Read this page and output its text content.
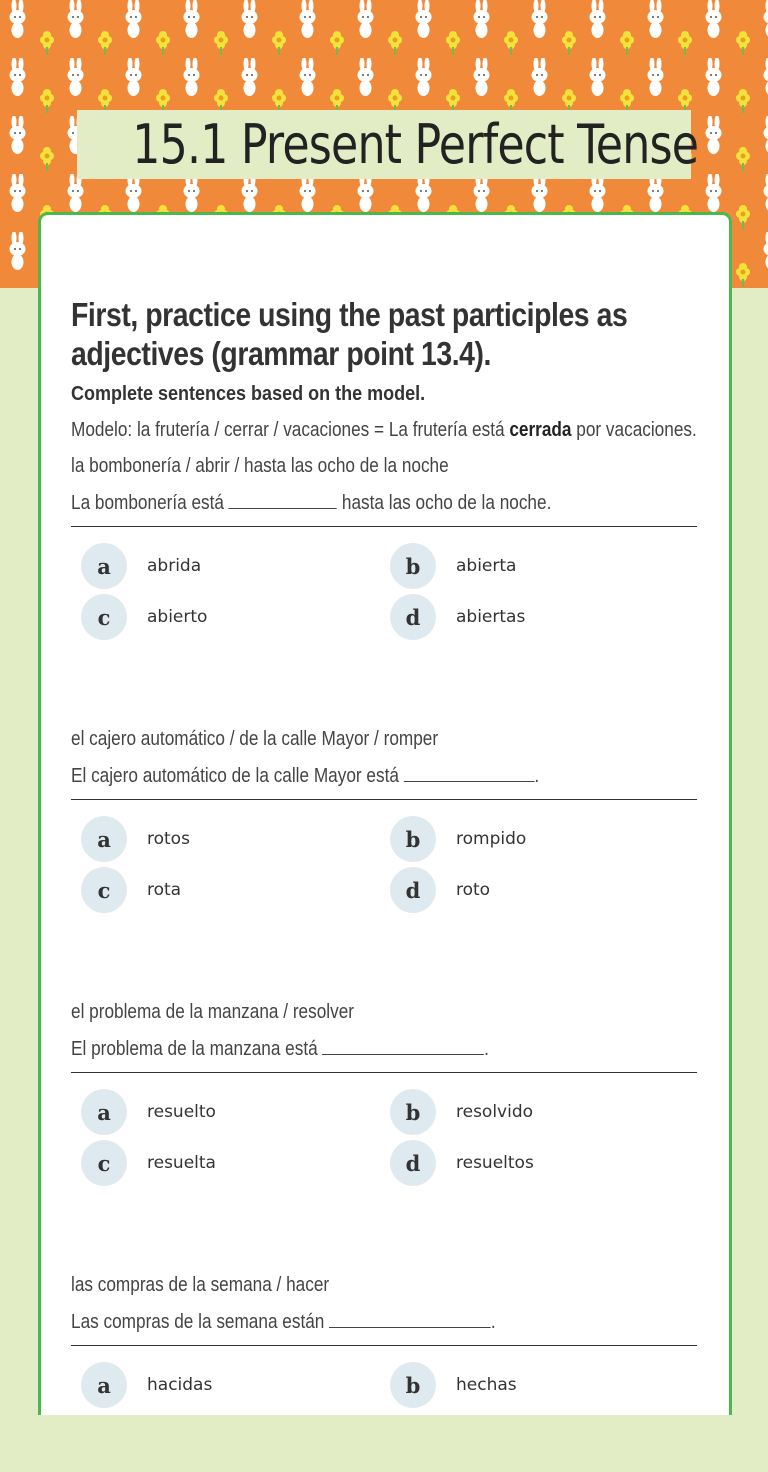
15.1 Present Perfect Tense
First, practice using the past participles as adjectives (grammar point 13.4).
Complete sentences based on the model.
Modelo: la frutería / cerrar / vacaciones = La frutería está cerrada por vacaciones.
la bombonería / abrir / hasta las ocho de la noche
La bombonería está	hasta las ocho de la noche.
a	abrida	b	abierta
c	abierto	d	abiertas
el cajero automático / de la calle Mayor / romper
El cajero automático de la calle Mayor está	.
a	rotos	b	rompido
c	rota	d	roto
el problema de la manzana / resolver
El problema de la manzana está	.
a	resuelto	b	resolvido
c	resuelta	d	resueltos
las compras de la semana / hacer
Las compras de la semana están	.
a	hacidas	b	hechas
